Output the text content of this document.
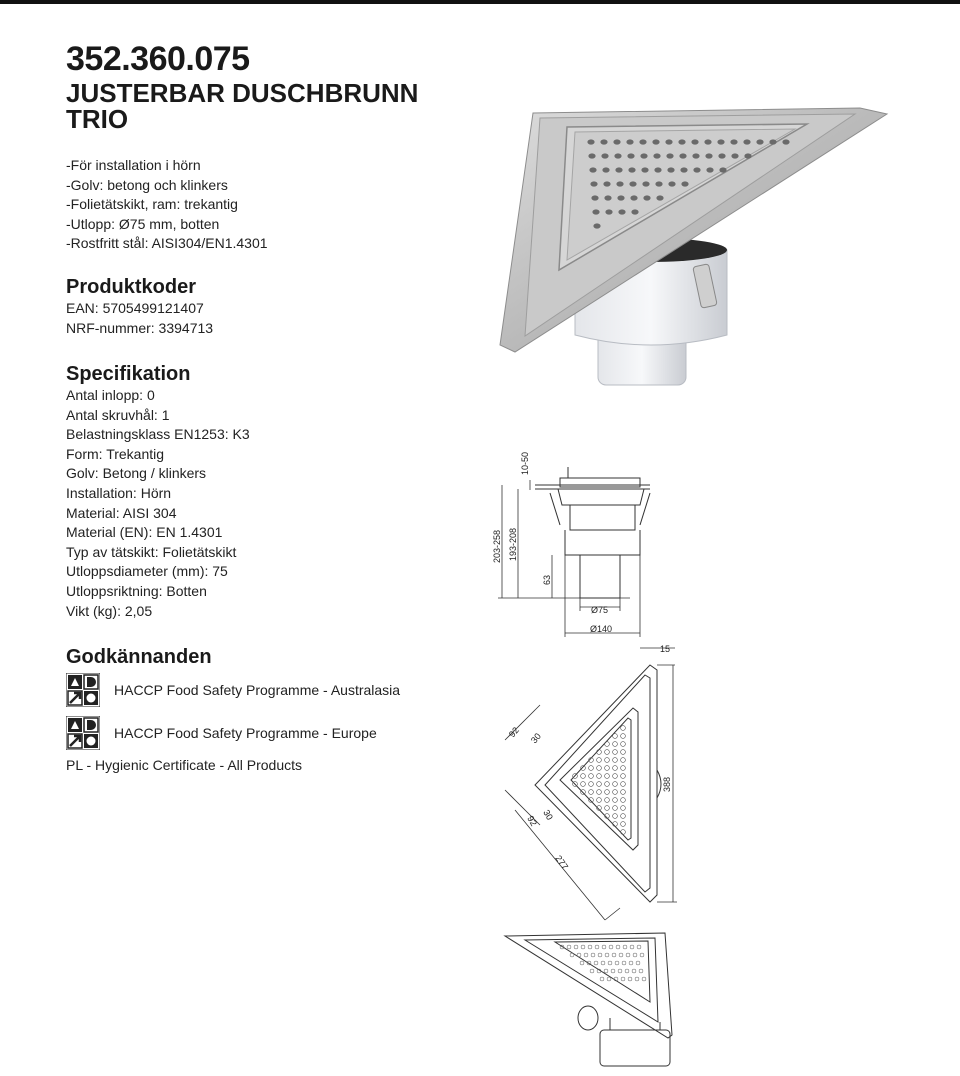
352.360.075
JUSTERBAR DUSCHBRUNN TRIO
-För installation i hörn
-Golv: betong och klinkers
-Folietätskikt, ram: trekantig
-Utlopp: Ø75 mm, botten
-Rostfritt stål: AISI304/EN1.4301
Produktkoder
EAN: 5705499121407
NRF-nummer: 3394713
Specifikation
Antal inlopp: 0
Antal skruvhål: 1
Belastningsklass EN1253: K3
Form: Trekantig
Golv: Betong / klinkers
Installation: Hörn
Material: AISI 304
Material (EN): EN 1.4301
Typ av tätskikt: Folietätskikt
Utloppsdiameter (mm): 75
Utloppsriktning: Botten
Vikt (kg): 2,05
Godkännanden
HACCP Food Safety Programme - Australasia
HACCP Food Safety Programme - Europe
PL - Hygienic Certificate - All Products
10-50
203-258 193-208
63
Ø75
Ø140
15
92 30
92 30
388
277
